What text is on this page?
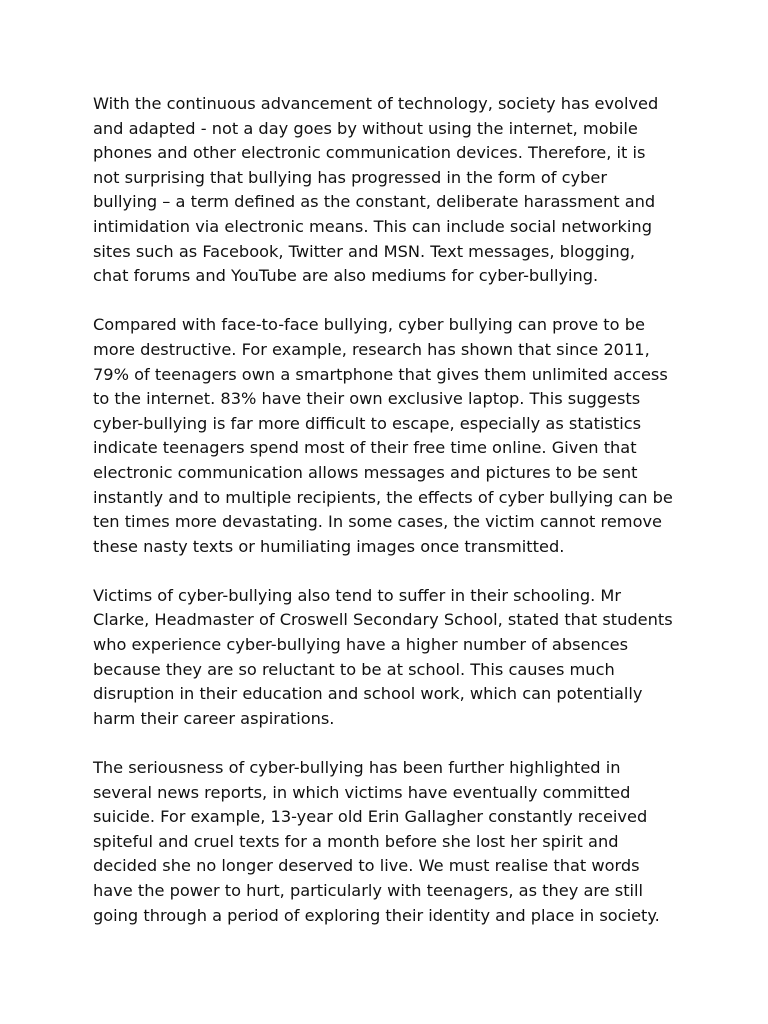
With the continuous advancement of technology, society has evolved
and adapted - not a day goes by without using the internet, mobile
phones and other electronic communication devices. Therefore, it is
not surprising that bullying has progressed in the form of cyber
bullying – a term defined as the constant, deliberate harassment and
intimidation via electronic means. This can include social networking
sites such as Facebook, Twitter and MSN. Text messages, blogging,
chat forums and YouTube are also mediums for cyber-bullying.

Compared with face-to-face bullying, cyber bullying can prove to be
more destructive. For example, research has shown that since 2011,
79% of teenagers own a smartphone that gives them unlimited access
to the internet. 83% have their own exclusive laptop. This suggests
cyber-bullying is far more difficult to escape, especially as statistics
indicate teenagers spend most of their free time online. Given that
electronic communication allows messages and pictures to be sent
instantly and to multiple recipients, the effects of cyber bullying can be
ten times more devastating. In some cases, the victim cannot remove
these nasty texts or humiliating images once transmitted.

Victims of cyber-bullying also tend to suffer in their schooling. Mr
Clarke, Headmaster of Croswell Secondary School, stated that students
who experience cyber-bullying have a higher number of absences
because they are so reluctant to be at school. This causes much
disruption in their education and school work, which can potentially
harm their career aspirations.

The seriousness of cyber-bullying has been further highlighted in
several news reports, in which victims have eventually committed
suicide. For example, 13-year old Erin Gallagher constantly received
spiteful and cruel texts for a month before she lost her spirit and
decided she no longer deserved to live. We must realise that words
have the power to hurt, particularly with teenagers, as they are still
going through a period of exploring their identity and place in society.
